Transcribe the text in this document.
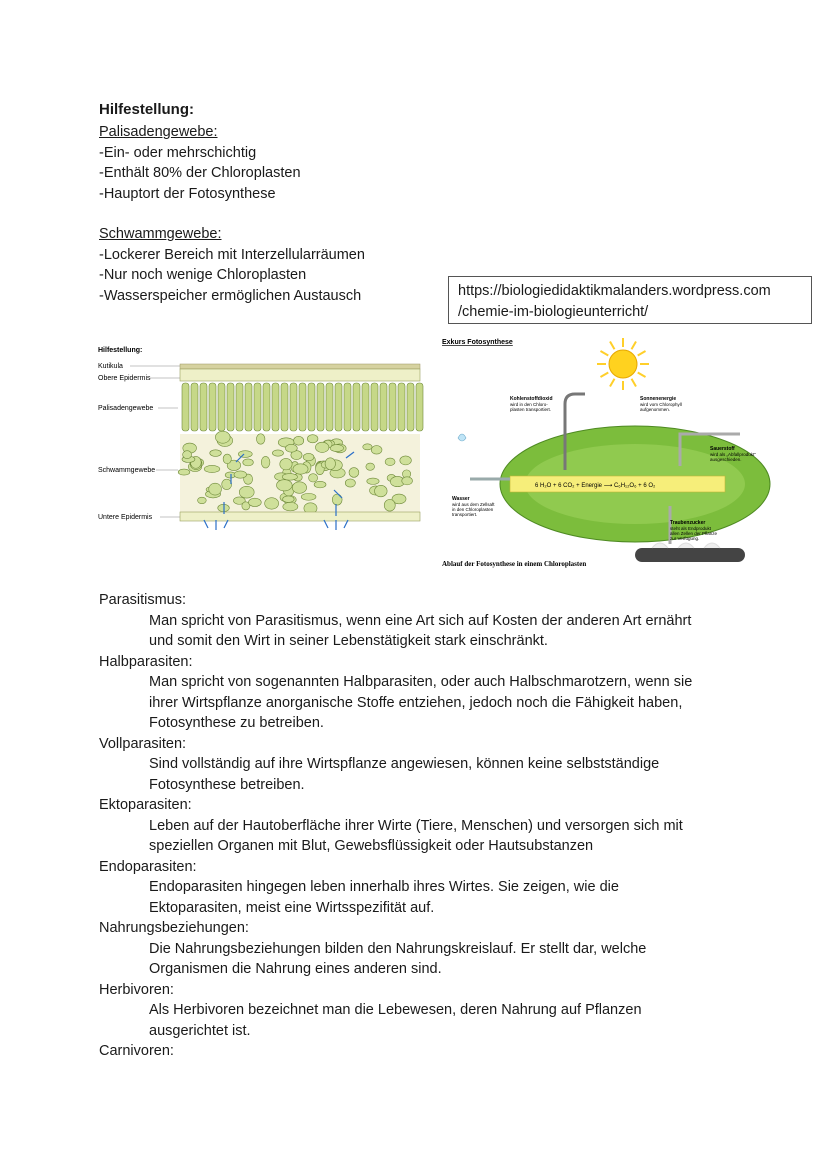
Hilfestellung:
Palisadengewebe:
-Ein- oder mehrschichtig
-Enthält 80% der Chloroplasten
-Hauptort der Fotosynthese
Schwammgewebe:
-Lockerer Bereich mit Interzellularräumen
-Nur noch wenige Chloroplasten
-Wasserspeicher ermöglichen Austausch	https://biologiedidaktikmalanders.wordpress.com
/chemie-im-biologieunterricht/
Hilfestellung:
Kutikula
Obere Epidermis
Palisadengewebe
Schwammgewebe
Untere Epidermis
Exkurs Fotosynthese
6 H₂O + 6 CO₂ + Energie ⟶ C₆H₁₂O₆ + 6 O₂
Kohlenstoffdioxid
wird in den Chloro-
plasten transportiert.
Sonnenenergie
wird vom Chlorophyll
aufgenommen.
Sauerstoff
wird als „Abfallprodukt"
ausgeschieden.
Wasser
wird aus dem Zellsaft
in den Chloroplasten
transportiert.
Traubenzucker
steht als Endprodukt
allen Zellen der Pflanze
zur Verfügung.
Ablauf der Fotosynthese in einem Chloroplasten
Parasitismus:
Man spricht von Parasitismus, wenn eine Art sich auf Kosten der anderen Art ernährt
und somit den Wirt in seiner Lebenstätigkeit stark einschränkt.
Halbparasiten:
Man spricht von sogenannten Halbparasiten, oder auch Halbschmarotzern, wenn sie
ihrer Wirtspflanze anorganische Stoffe entziehen, jedoch noch die Fähigkeit haben,
Fotosynthese zu betreiben.
Vollparasiten:
Sind vollständig auf ihre Wirtspflanze angewiesen, können keine selbstständige
Fotosynthese betreiben.
Ektoparasiten:
Leben auf der Hautoberfläche ihrer Wirte (Tiere, Menschen) und versorgen sich mit
speziellen Organen mit Blut, Gewebsflüssigkeit oder Hautsubstanzen
Endoparasiten:
Endoparasiten hingegen leben innerhalb ihres Wirtes. Sie zeigen, wie die
Ektoparasiten, meist eine Wirtsspezifität auf.
Nahrungsbeziehungen:
Die Nahrungsbeziehungen bilden den Nahrungskreislauf. Er stellt dar, welche
Organismen die Nahrung eines anderen sind.
Herbivoren:
Als Herbivoren bezeichnet man die Lebewesen, deren Nahrung auf Pflanzen
ausgerichtet ist.
Carnivoren:
